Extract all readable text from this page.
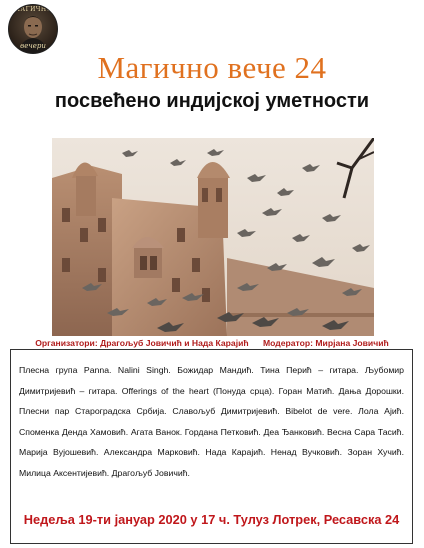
МАГИЧНО
вечери
Магично вече 24
посвећено индијској уметности
Организатори: Драгољуб Јовичић и Нада Карајић Модератор: Мирјана Јовичић
Плесна група Panna. Nalini Singh. Божидар Мандић. Тина Перић – гитара. Љубомир Димитријевић – гитара. Offerings of the heart (Понуда срца). Горан Матић. Дања Дорошки. Плесни пар Староградска Србија. Славољуб Димитријевић. Bibelot de vere. Лола Ајић. Споменка Денда Хамовић. Агата Ванок. Гордана Петковић. Деа Ђанковић. Весна Сара Тасић. Марија Вујошевић. Александра Марковић. Нада Карајић. Ненад Вучковић. Зоран Хучић. Милица Аксентијевић. Драгољуб Јовичић.
Недеља 19-ти јануар 2020 у 17 ч. Тулуз Лотрек, Ресавска 24
